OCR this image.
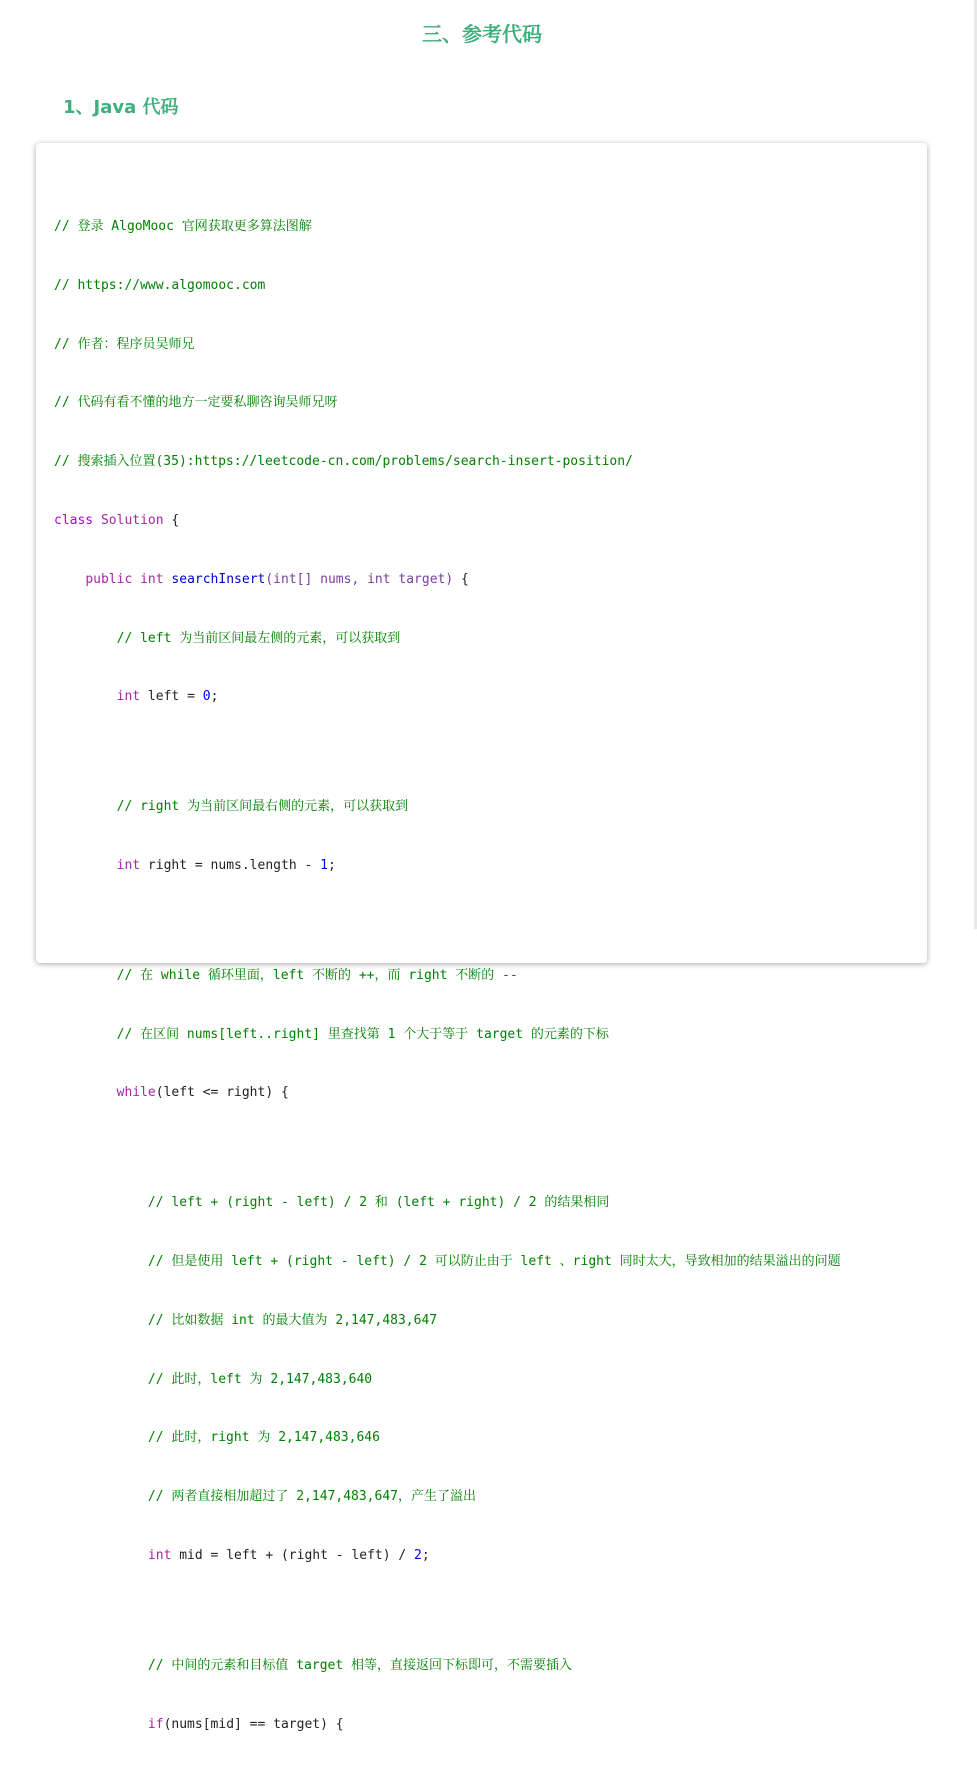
三、参考代码
1、Java 代码

// 登录 AlgoMooc 官网获取更多算法图解

// https://www.algomooc.com

// 作者：程序员吴师兄

// 代码有看不懂的地方一定要私聊咨询吴师兄呀

// 搜索插入位置(35):https://leetcode-cn.com/problems/search-insert-position/

class Solution {

public int searchInsert(int[] nums, int target) {

// left 为当前区间最左侧的元素，可以获取到

int left = 0;

// right 为当前区间最右侧的元素，可以获取到

int right = nums.length - 1;

// 在 while 循环里面，left 不断的 ++，而 right 不断的 --

// 在区间 nums[left..right] 里查找第 1 个大于等于 target 的元素的下标

while(left <= right) {

// left + (right - left) / 2 和 (left + right) / 2 的结果相同

// 但是使用 left + (right - left) / 2 可以防止由于 left 、right 同时太大，导致相加的结果溢出的问题

// 比如数据 int 的最大值为 2,147,483,647

// 此时，left 为 2,147,483,640

// 此时，right 为 2,147,483,646

// 两者直接相加超过了 2,147,483,647，产生了溢出

int mid = left + (right - left) / 2;

// 中间的元素和目标值 target 相等，直接返回下标即可，不需要插入

if(nums[mid] == target) {
